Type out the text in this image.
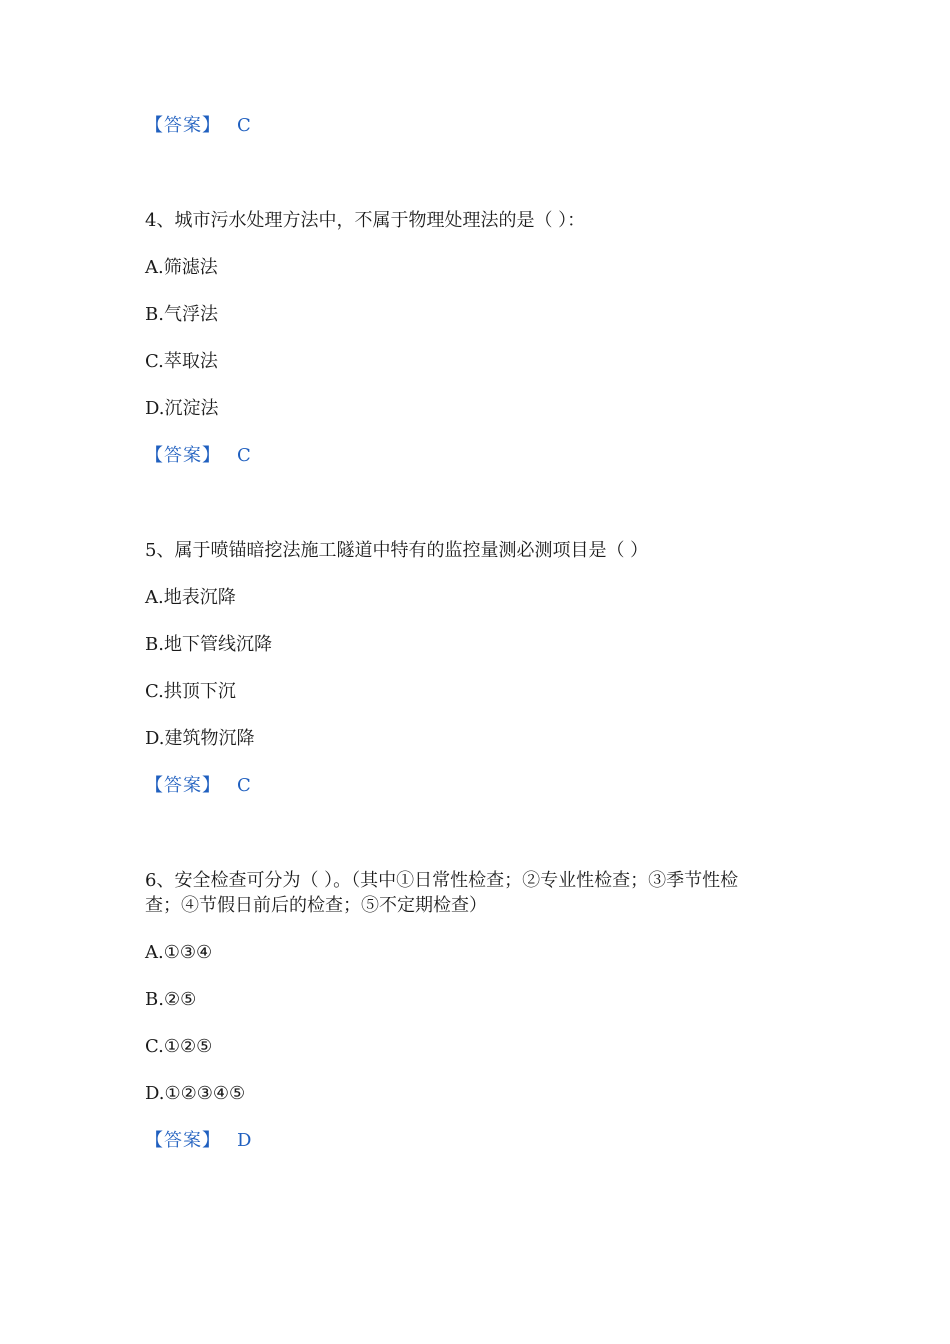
【答案】 C
4、城市污水处理方法中，不属于物理处理法的是（ ）：
A.筛滤法
B.气浮法
C.萃取法
D.沉淀法
【答案】 C
5、属于喷锚暗挖法施工隧道中特有的监控量测必测项目是（ ）
A.地表沉降
B.地下管线沉降
C.拱顶下沉
D.建筑物沉降
【答案】 C
6、安全检查可分为（ ）。（其中①日常性检查；②专业性检查；③季节性检
查；④节假日前后的检查；⑤不定期检查）
A.①③④
B.②⑤
C.①②⑤
D.①②③④⑤
【答案】 D
